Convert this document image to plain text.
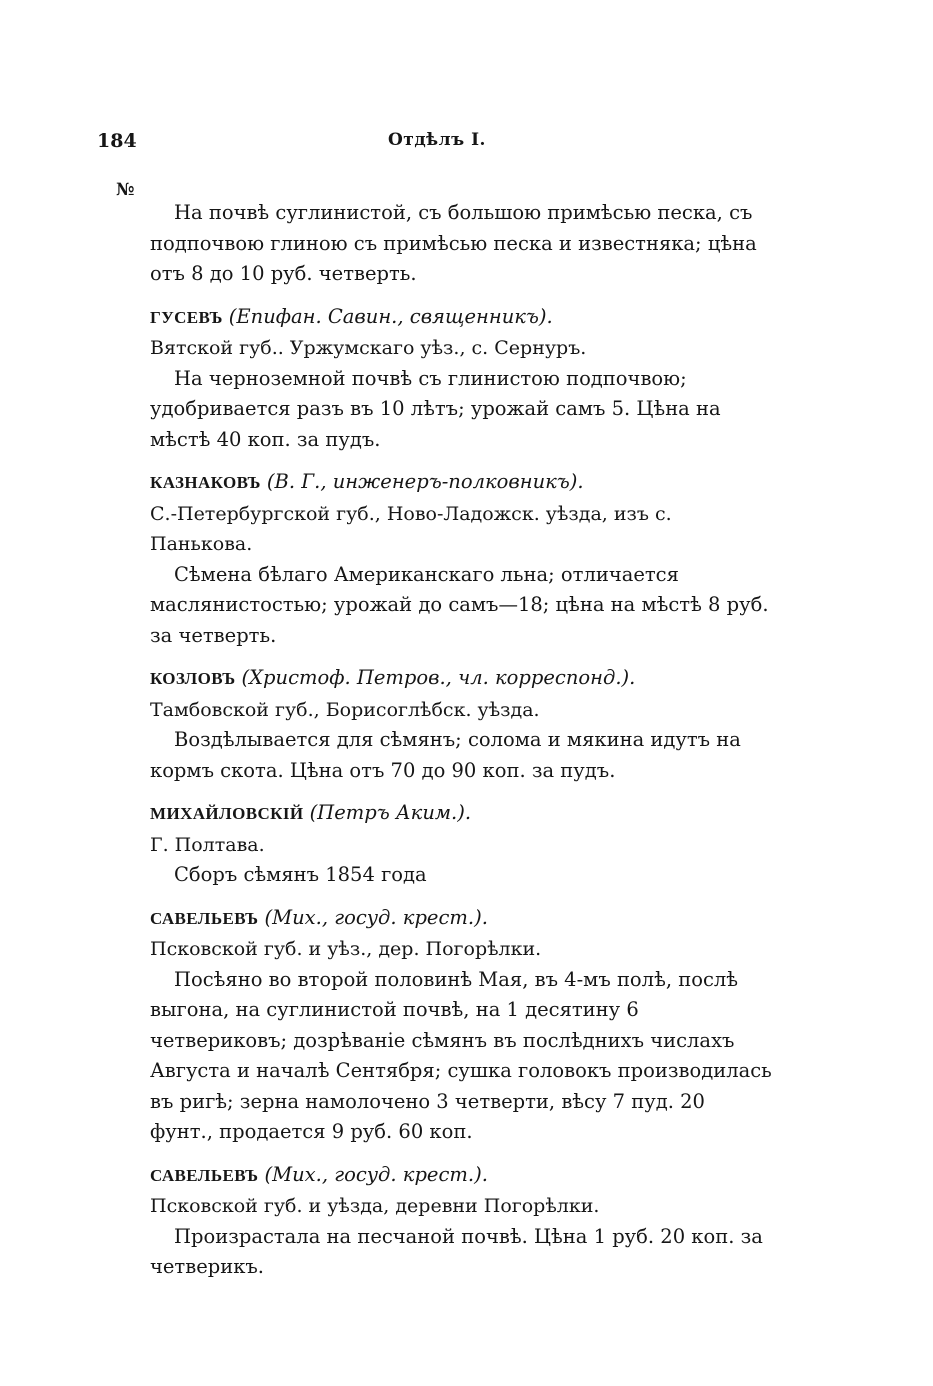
184	Отдѣлъ I.
№

На почвѣ суглинистой, съ большою примѣсью песка, съ подпочвою глиною съ примѣсью песка и известняка; цѣна отъ 8 до 10 руб. четверть.

ГУСЕВЪ (Епифан. Савин., священникъ).
Вятской губ.. Уржумскаго уѣз., с. Сернуръ.

На черноземной почвѣ съ глинистою подпочвою; удобривается разъ въ 10 лѣтъ; урожай самъ 5. Цѣна на мѣстѣ 40 коп. за пудъ.

КАЗНАКОВЪ (В. Г., инженеръ-полковникъ).
С.-Петербургской губ., Ново-Ладожск. уѣзда, изъ с. Панькова.

Сѣмена бѣлаго Американскаго льна; отличается маслянистостью; урожай до самъ—18; цѣна на мѣстѣ 8 руб. за четверть.

КОЗЛОВЪ (Христоф. Петров., чл. корреспонд.).
Тамбовской губ., Борисоглѣбск. уѣзда.

Воздѣлывается для сѣмянъ; солома и мякина идутъ на кормъ скота. Цѣна отъ 70 до 90 коп. за пудъ.

МИХАЙЛОВСКІЙ (Петръ Аким.).
Г. Полтава.

Сборъ сѣмянъ 1854 года

САВЕЛЬЕВЪ (Мих., госуд. крест.).
Псковской губ. и уѣз., дер. Погорѣлки.

Посѣяно во второй половинѣ Мая, въ 4-мъ полѣ, послѣ выгона, на суглинистой почвѣ, на 1 десятину 6 четвериковъ; дозрѣваніе сѣмянъ въ послѣднихъ числахъ Августа и началѣ Сентября; сушка головокъ производилась въ ригѣ; зерна намолочено 3 четверти, вѣсу 7 пуд. 20 фунт., продается 9 руб. 60 коп.

САВЕЛЬЕВЪ (Мих., госуд. крест.).
Псковской губ. и уѣзда, деревни Погорѣлки.

Произрастала на песчаной почвѣ. Цѣна 1 руб. 20 коп. за четверикъ.
